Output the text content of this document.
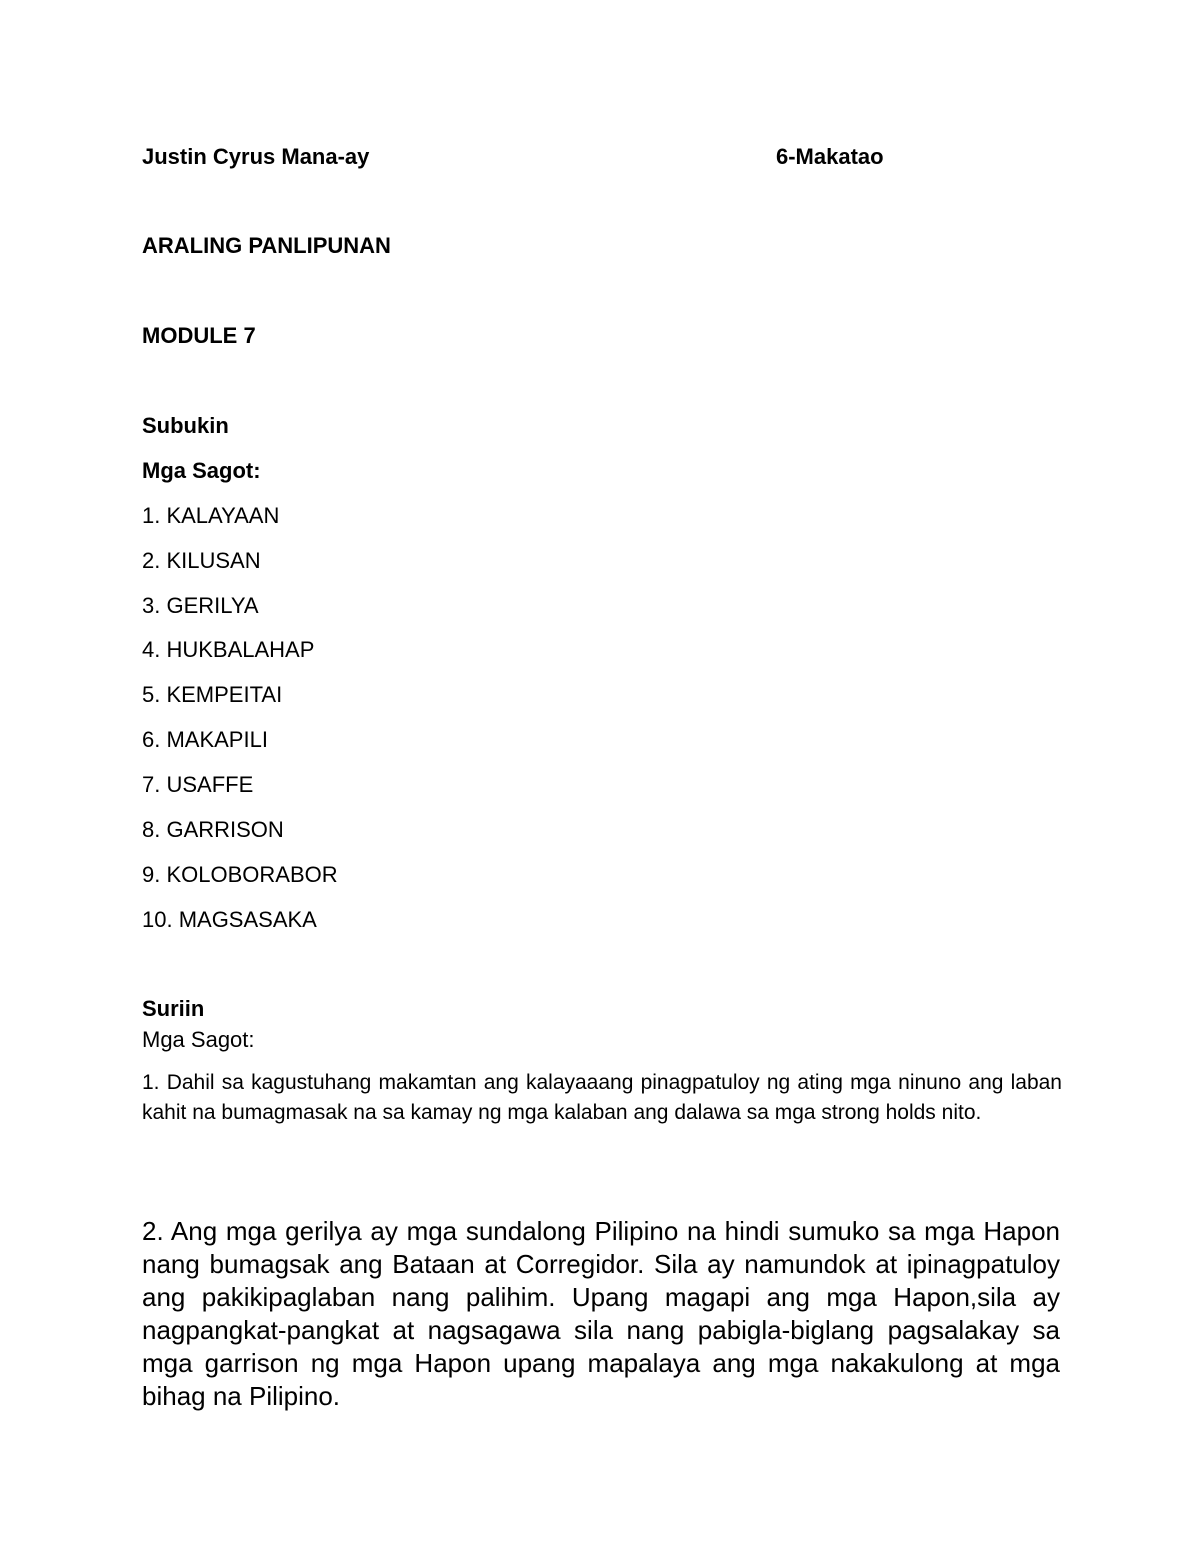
Justin Cyrus Mana-ay	6-Makatao

ARALING PANLIPUNAN

MODULE 7

Subukin

Mga Sagot:

1. KALAYAAN

2. KILUSAN

3. GERILYA

4. HUKBALAHAP

5. KEMPEITAI

6. MAKAPILI

7. USAFFE

8. GARRISON

9. KOLOBORABOR

10. MAGSASAKA

Suriin

Mga Sagot:

1. Dahil sa kagustuhang makamtan ang kalayaaang pinagpatuloy ng ating mga ninuno ang laban kahit na bumagmasak na sa kamay ng mga kalaban ang dalawa sa mga strong holds nito.

2. Ang mga gerilya ay mga sundalong Pilipino na hindi sumuko sa mga Hapon nang bumagsak ang Bataan at Corregidor. Sila ay namundok at ipinagpatuloy ang pakikipaglaban nang palihim. Upang magapi ang mga Hapon,sila ay nagpangkat-pangkat at nagsagawa sila nang pabigla-biglang pagsalakay sa mga garrison ng mga Hapon upang mapalaya ang mga nakakulong at mga bihag na Pilipino.
